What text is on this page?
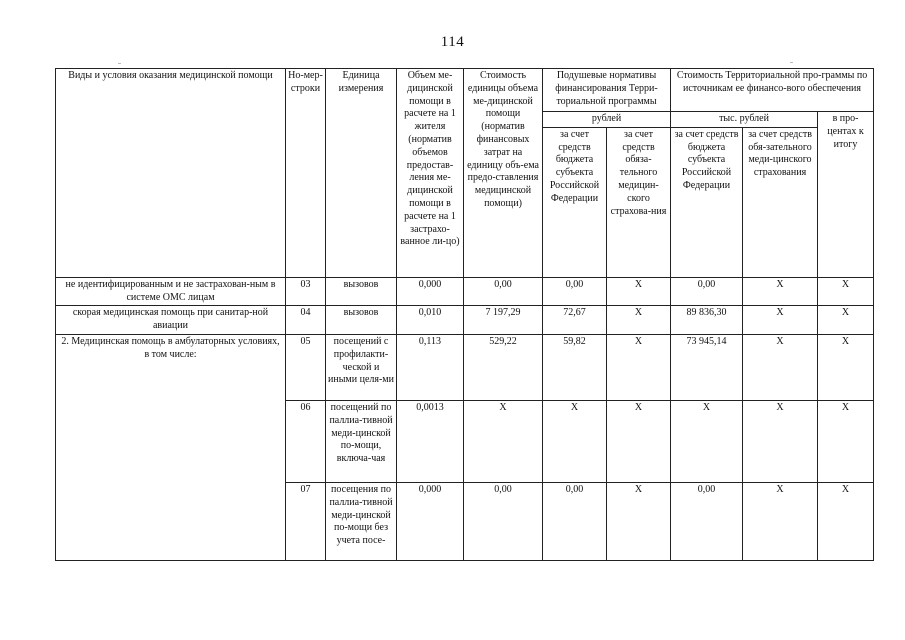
114
Виды и условия оказания медицинской помощи	Но-мер-строки	Единица измерения	Объем ме-дицинской помощи в расчете на 1 жителя (норматив объемов предостав-ления ме-дицинской помощи в расчете на 1 застрахо-ванное ли-цо)	Стоимость единицы объема ме-дицинской помощи (норматив финансовых затрат на единицу объ-ема предо-ставления медицинской помощи)	Подушевые нормативы финансирования Терри-ториальной программы		Стоимость Территориальной про-граммы по источникам ее финансо-вого обеспечения		
					рублей		тыс. рублей		в про-центах к итогу
					за счет средств бюджета субъекта Российской Федерации	за счет средств обяза-тельного медицин-ского страхова-ния	за счет средств бюджета субъекта Российской Федерации	за счет средств обя-зательного меди-цинского страхования	
не идентифицированным и не застрахован-ным в системе ОМС лицам	03	вызовов	0,000	0,00	0,00	X	0,00	X	X
скорая медицинская помощь при санитар-ной авиации	04	вызовов	0,010	7 197,29	72,67	X	89 836,30	X	X
2. Медицинская помощь в амбулаторных условиях, в том числе:	05	посещений с профилакти-ческой и иными целя-ми	0,113	529,22	59,82	X	73 945,14	X	X
	06	посещений по паллиа-тивной меди-цинской по-мощи, включа-чая	0,0013	X	X	X	X	X	X
	07	посещения по паллиа-тивной меди-цинской по-мощи без учета посе-	0,000	0,00	0,00	X	0,00	X	X
